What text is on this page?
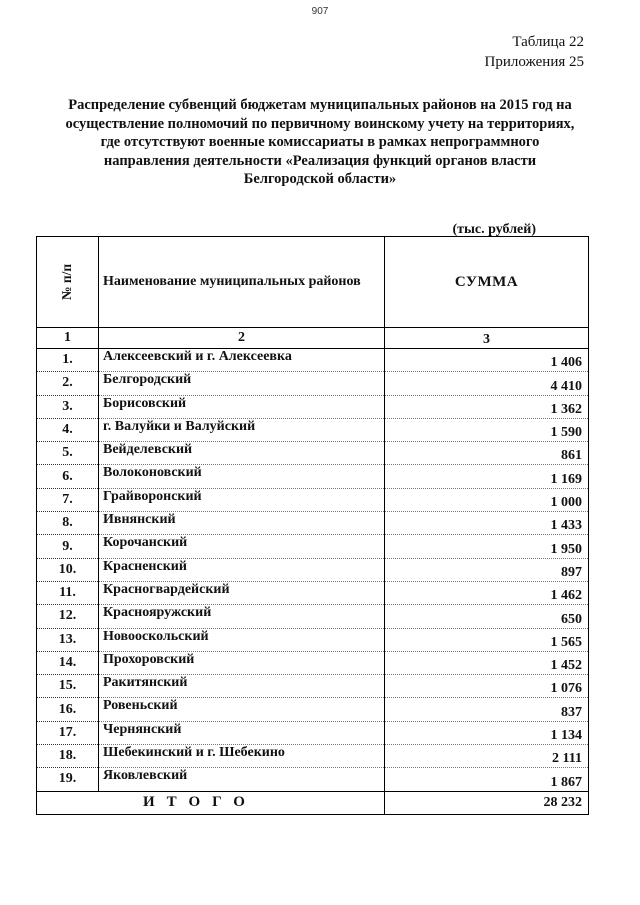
907
Таблица 22
Приложения 25
Распределение субвенций бюджетам муниципальных районов на 2015 год на
осуществление полномочий по первичному воинскому учету на территориях,
где отсутствуют военные комиссариаты в рамках непрограммного
направления деятельности «Реализация функций органов власти
Белгородской области»
(тыс. рублей)
№ п/п	Наименование муниципальных районов	СУММА
1	2	3
1.	Алексеевский и г. Алексеевка	1 406
2.	Белгородский	4 410
3.	Борисовский	1 362
4.	г. Валуйки и Валуйский	1 590
5.	Вейделевский	861
6.	Волоконовский	1 169
7.	Грайворонский	1 000
8.	Ивнянский	1 433
9.	Корочанский	1 950
10.	Красненский	897
11.	Красногвардейский	1 462
12.	Краснояружский	650
13.	Новооскольский	1 565
14.	Прохоровский	1 452
15.	Ракитянский	1 076
16.	Ровеньский	837
17.	Чернянский	1 134
18.	Шебекинский и г. Шебекино	2 111
19.	Яковлевский	1 867
ИТОГО		28 232
